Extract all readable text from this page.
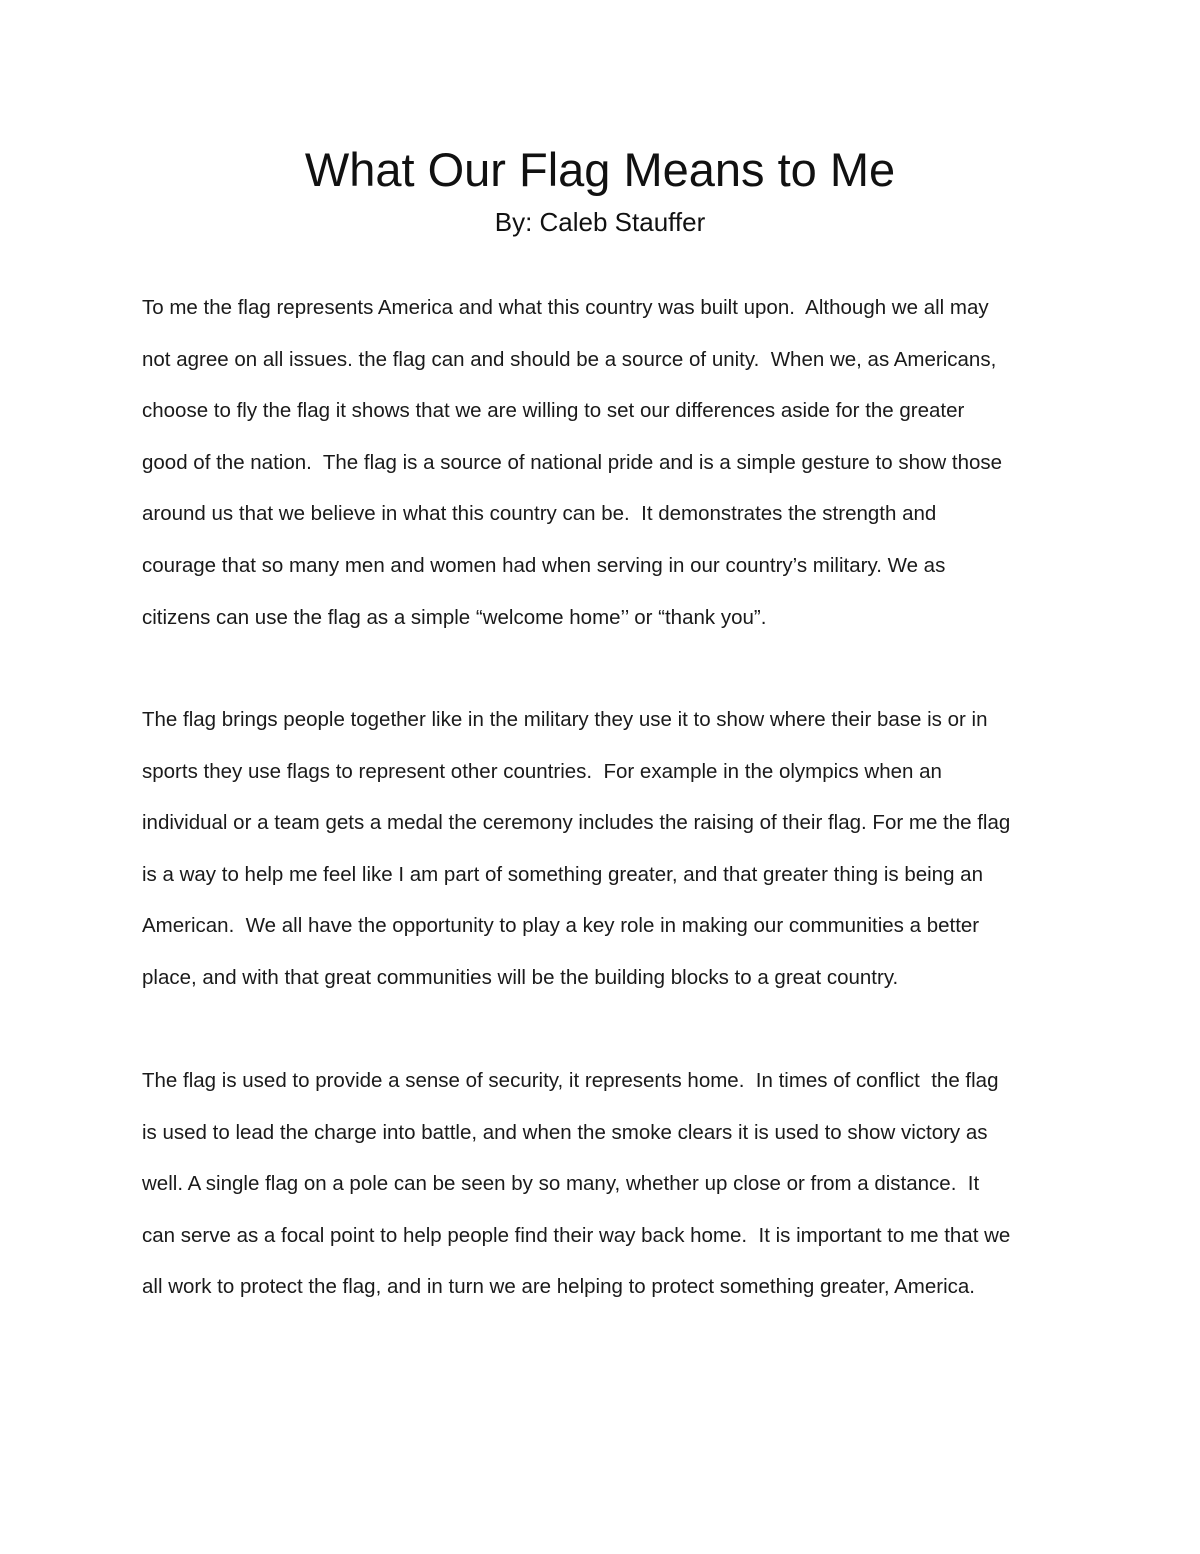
What Our Flag Means to Me

By: Caleb Stauffer

To me the flag represents America and what this country was built upon.  Although we all may
not agree on all issues. the flag can and should be a source of unity.  When we, as Americans,
choose to fly the flag it shows that we are willing to set our differences aside for the greater
good of the nation.  The flag is a source of national pride and is a simple gesture to show those
around us that we believe in what this country can be.  It demonstrates the strength and
courage that so many men and women had when serving in our country’s military. We as
citizens can use the flag as a simple “welcome home’’ or “thank you”.

The flag brings people together like in the military they use it to show where their base is or in
sports they use flags to represent other countries.  For example in the olympics when an
individual or a team gets a medal the ceremony includes the raising of their flag. For me the flag
is a way to help me feel like I am part of something greater, and that greater thing is being an
American.  We all have the opportunity to play a key role in making our communities a better
place, and with that great communities will be the building blocks to a great country.

The flag is used to provide a sense of security, it represents home.  In times of conflict  the flag
is used to lead the charge into battle, and when the smoke clears it is used to show victory as
well. A single flag on a pole can be seen by so many, whether up close or from a distance.  It
can serve as a focal point to help people find their way back home.  It is important to me that we
all work to protect the flag, and in turn we are helping to protect something greater, America.
